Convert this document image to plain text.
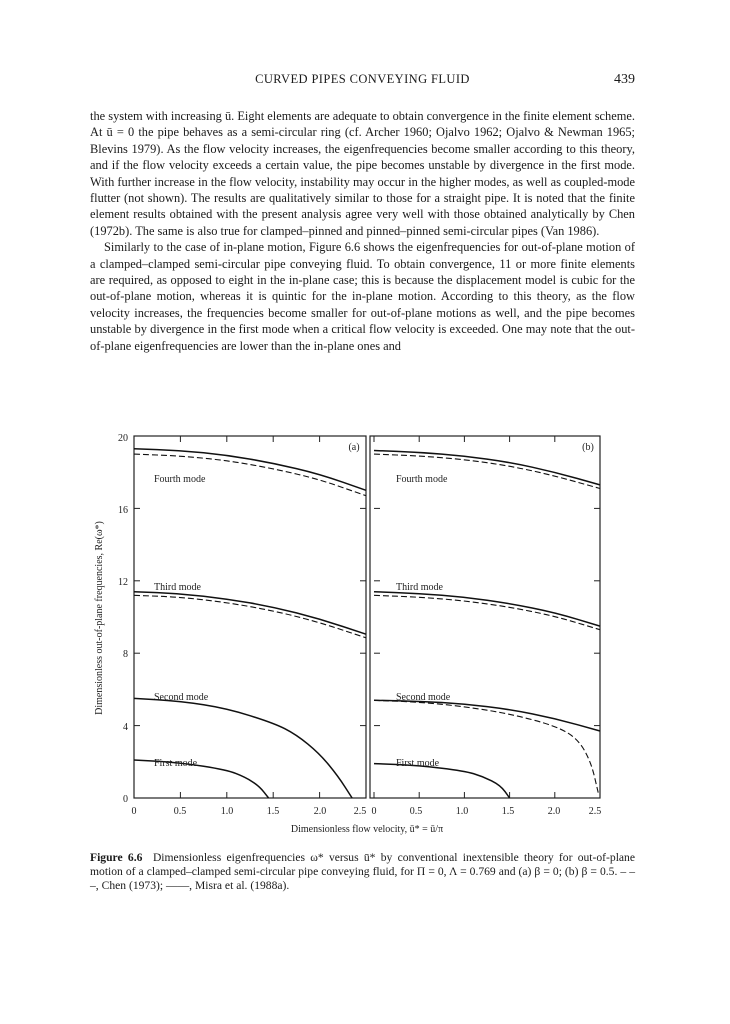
CURVED PIPES CONVEYING FLUID	439

the system with increasing ū. Eight elements are adequate to obtain convergence in the finite element scheme. At ū = 0 the pipe behaves as a semi-circular ring (cf. Archer 1960; Ojalvo 1962; Ojalvo & Newman 1965; Blevins 1979). As the flow velocity increases, the eigenfrequencies become smaller according to this theory, and if the flow velocity exceeds a certain value, the pipe becomes unstable by divergence in the first mode. With further increase in the flow velocity, instability may occur in the higher modes, as well as coupled-mode flutter (not shown). The results are qualitatively similar to those for a straight pipe. It is noted that the finite element results obtained with the present analysis agree very well with those obtained analytically by Chen (1972b). The same is also true for clamped–pinned and pinned–pinned semi-circular pipes (Van 1986).

Similarly to the case of in-plane motion, Figure 6.6 shows the eigenfrequencies for out-of-plane motion of a clamped–clamped semi-circular pipe conveying fluid. To obtain convergence, 11 or more finite elements are required, as opposed to eight in the in-plane case; this is because the displacement model is cubic for the out-of-plane motion, whereas it is quintic for the in-plane motion. According to this theory, as the flow velocity increases, the frequencies become smaller for out-of-plane motions as well, and the pipe becomes unstable by divergence in the first mode when a critical flow velocity is exceeded. One may note that the out-of-plane eigenfrequencies are lower than the in-plane ones and

Dimensionless out-of-plane frequencies, Re(ω*)
0
4
8
12
16
20
0	0.5	1.0	1.5	2.0	2.5 0	0.5	1.0	1.5	2.0	2.5
Dimensionless flow velocity, ū* = ū/π
(a)	(b)
Fourth mode
Third mode
Second mode
First mode
Fourth mode
Third mode
Second mode
First mode
Figure 6.6 Dimensionless eigenfrequencies ω* versus ū* by conventional inextensible theory for out-of-plane motion of a clamped–clamped semi-circular pipe conveying fluid, for Π = 0, Λ = 0.769 and (a) β = 0; (b) β = 0.5. – – –, Chen (1973); ——, Misra et al. (1988a).
